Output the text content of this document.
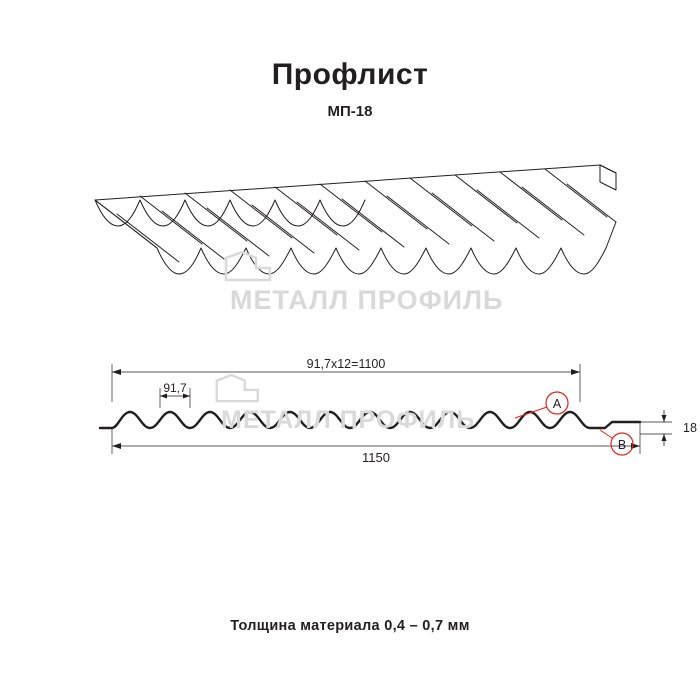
Профлист
МП-18
МЕТАЛЛ ПРОФИЛЬ
A
B
91,7x12=1100
91,7
1150
18
МЕТАЛЛ ПРОФИЛЬ
Толщина материала 0,4 – 0,7 мм
